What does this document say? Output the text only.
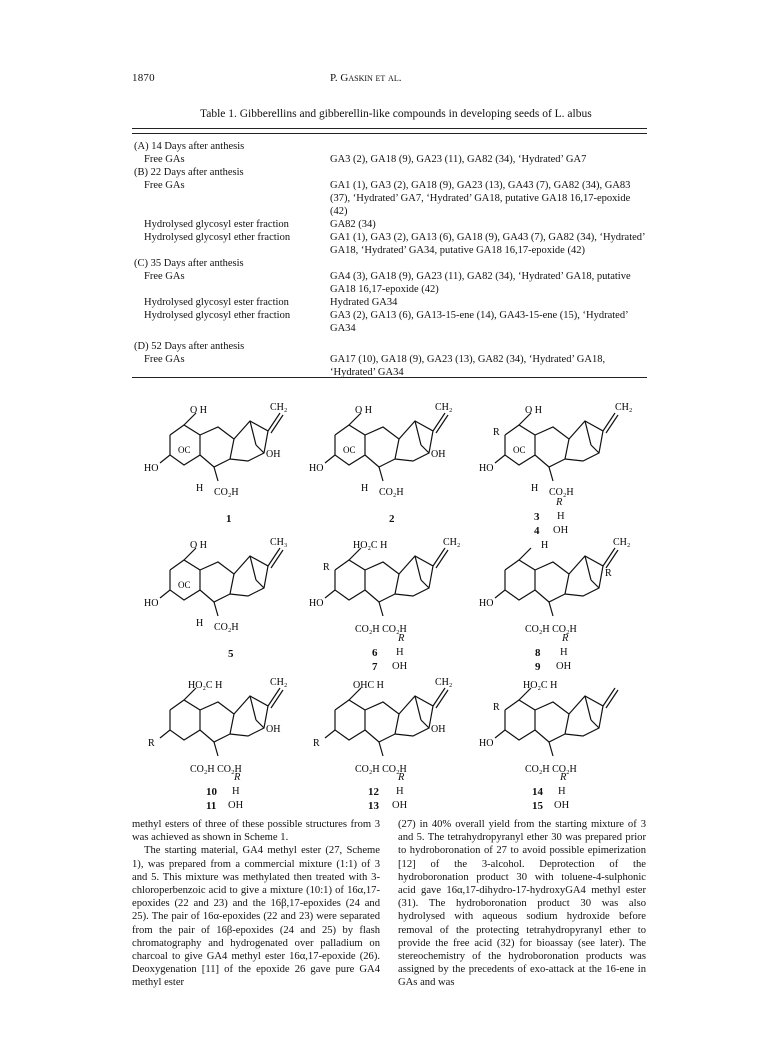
1870	P. Gaskin et al.
Table 1. Gibberellins and gibberellin-like compounds in developing seeds of L. albus
(A) 14 Days after anthesis	
Free GAs	GA3 (2), GA18 (9), GA23 (11), GA82 (34), ‘Hydrated’ GA7
(B) 22 Days after anthesis	
Free GAs	GA1 (1), GA3 (2), GA18 (9), GA23 (13), GA43 (7), GA82 (34), GA83 (37), ‘Hydrated’ GA7, ‘Hydrated’ GA18, putative GA18 16,17-epoxide (42)
Hydrolysed glycosyl ester fraction	GA82 (34)
Hydrolysed glycosyl ether fraction	GA1 (1), GA3 (2), GA13 (6), GA18 (9), GA43 (7), GA82 (34), ‘Hydrated’ GA18, ‘Hydrated’ GA34, putative GA18 16,17-epoxide (42)
(C) 35 Days after anthesis	
Free GAs	GA4 (3), GA18 (9), GA23 (11), GA82 (34), ‘Hydrated’ GA18, putative GA18 16,17-epoxide (42)
Hydrolysed glycosyl ester fraction	Hydrated GA34
Hydrolysed glycosyl ether fraction	GA3 (2), GA13 (6), GA13-15-ene (14), GA43-15-ene (15), ‘Hydrated’ GA34
(D) 52 Days after anthesis	
Free GAs	GA17 (10), GA18 (9), GA23 (13), GA82 (34), ‘Hydrated’ GA18, ‘Hydrated’ GA34
CH₂
O H
OH
OC
HO
CO₂H
H
CH₂
O H
OH
OC
HO
CO₂H
H
CH₂
O H
R
OC
HO
CO₂H
H
CH₃
O H
OC
HO
CO₂H
H
CH₂
HO₂C H
R
HO
CO₂H CO₂H
CH₂
R
H
HO
CO₂H CO₂H
CH₂
HO₂C H
OH
R
CO₂H CO₂H
CH₂
OHC H
OH
R
CO₂H CO₂H
HO₂C H
R
HO
CO₂H CO₂H
1	2
R
3 H
4 OH
5
R
6 H
7 OH
R
8 H
9 OH
R
10 H
11 OH
R
12 H
13 OH
R
14 H
15 OH

methyl esters of three of these possible structures from 3 was achieved as shown in Scheme 1.

The starting material, GA4 methyl ester (27, Scheme 1), was prepared from a commercial mixture (1:1) of 3 and 5. This mixture was methylated then treated with 3-chloroperbenzoic acid to give a mixture (10:1) of 16α,17-epoxides (22 and 23) and the 16β,17-epoxides (24 and 25). The pair of 16α-epoxides (22 and 23) were separated from the pair of 16β-epoxides (24 and 25) by flash chromatography and hydrogenated over palladium on charcoal to give GA4 methyl ester 16α,17-epoxide (26). Deoxygenation [11] of the epoxide 26 gave pure GA4 methyl ester

(27) in 40% overall yield from the starting mixture of 3 and 5. The tetrahydropyranyl ether 30 was prepared prior to hydroboronation of 27 to avoid possible epimerization [12] of the 3-alcohol. Deprotection of the hydroboronation product 30 with toluene-4-sulphonic acid gave 16α,17-dihydro-17-hydroxyGA4 methyl ester (31). The hydroboronation product 30 was also hydrolysed with aqueous sodium hydroxide before removal of the protecting tetrahydropyranyl ether to provide the free acid (32) for bioassay (see later). The stereochemistry of the hydroboronation products was assigned by the precedents of exo-attack at the 16-ene in GAs and was
